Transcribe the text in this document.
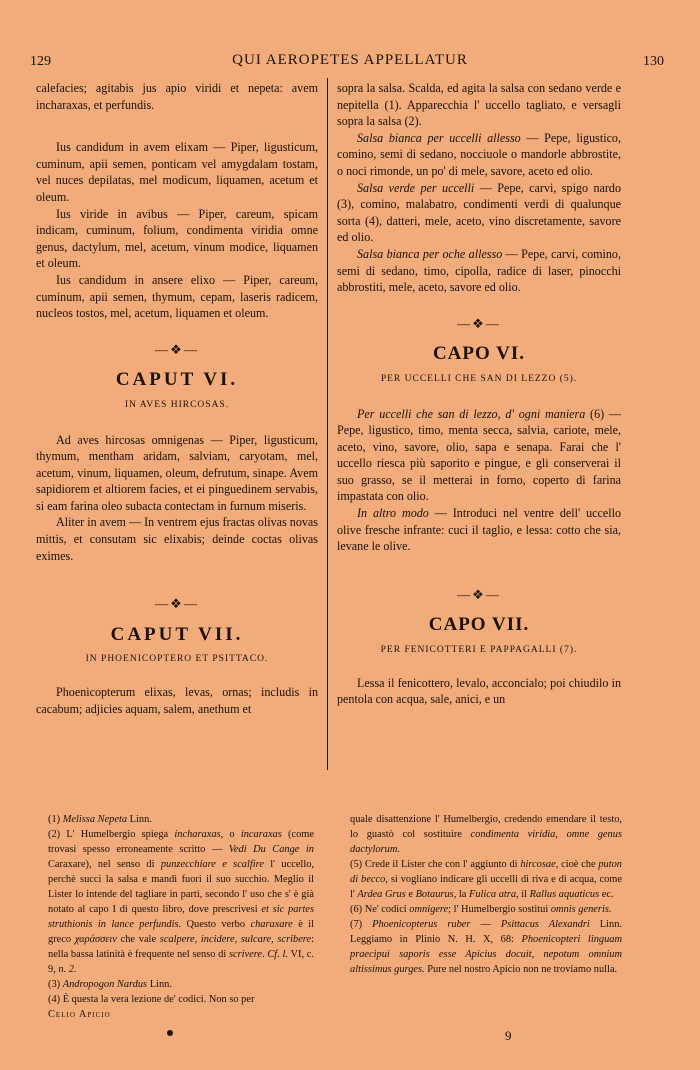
129	QUI AEROPETES APPELLATUR	130

calefacies; agitabis jus apio viridi et nepeta: avem incharaxas, et perfundis.

Ius candidum in avem elixam — Piper, ligusticum, cuminum, apii semen, ponticam vel amygdalam tostam, vel nuces depilatas, mel modicum, liquamen, acetum et oleum.

Ius viride in avibus — Piper, careum, spicam indicam, cuminum, folium, condimenta viridia omne genus, dactylum, mel, acetum, vinum modice, liquamen et oleum.

Ius candidum in ansere elixo — Piper, careum, cuminum, apii semen, thymum, cepam, laseris radicem, nucleos tostos, mel, acetum, liquamen et oleum.

—❖—
CAPUT VI.
IN AVES HIRCOSAS.

Ad aves hircosas omnigenas — Piper, ligusticum, thymum, mentham aridam, salviam, caryotam, mel, acetum, vinum, liquamen, oleum, defrutum, sinape. Avem sapidiorem et altiorem facies, et ei pinguedinem servabis, si eam farina oleo subacta contectam in furnum miseris.

Aliter in avem — In ventrem ejus fractas olivas novas mittis, et consutam sic elixabis; deinde coctas olivas eximes.

—❖—
CAPUT VII.
IN PHOENICOPTERO ET PSITTACO.

Phoenicopterum elixas, levas, ornas; includis in cacabum; adjicies aquam, salem, anethum et

sopra la salsa. Scalda, ed agita la salsa con sedano verde e nepitella (1). Apparecchia l' uccello tagliato, e versagli sopra la salsa (2).

Salsa bianca per uccelli allesso — Pepe, ligustico, comino, semi di sedano, nocciuole o mandorle abbrostite, o noci rimonde, un po' di mele, savore, aceto ed olio.

Salsa verde per uccelli — Pepe, carvi, spigo nardo (3), comino, malabatro, condimenti verdi di qualunque sorta (4), datteri, mele, aceto, vino discretamente, savore ed olio.

Salsa bianca per oche allesso — Pepe, carvi, comino, semi di sedano, timo, cipolla, radice di laser, pinocchi abbrostiti, mele, aceto, savore ed olio.

—❖—
CAPO VI.
PER UCCELLI CHE SAN DI LEZZO (5).

Per uccelli che san di lezzo, d' ogni maniera (6) — Pepe, ligustico, timo, menta secca, salvia, cariote, mele, aceto, vino, savore, olio, sapa e senapa. Farai che l' uccello riesca più saporito e pingue, e gli conserverai il suo grasso, se il metterai in forno, coperto di farina impastata con olio.

In altro modo — Introduci nel ventre dell' uccello olive fresche infrante: cuci il taglio, e lessa: cotto che sia, levane le olive.

—❖—
CAPO VII.
PER FENICOTTERI E PAPPAGALLI (7).

Lessa il fenicottero, levalo, acconcialo; poi chiudilo in pentola con acqua, sale, anici, e un

(1) Melissa Nepeta Linn.

(2) L' Humelbergio spiega incharaxas, o incaraxas (come trovasi spesso erroneamente scritto — Vedi Du Cange in Caraxare), nel senso di punzecchiare e scalfire l' uccello, perchè succi la salsa e mandi fuori il suo succhio. Meglio il Lister lo intende del tagliare in parti, secondo l' uso che s' è già notato al capo I di questo libro, dove prescrivesi et sic partes struthionis in lance perfundis. Questo verbo charaxare è il greco χαράσσειν che vale scalpere, incidere, sulcare, scribere: nella bassa latinità è frequente nel senso di scrivere. Cf. l. VI, c. 9, n. 2.

(3) Andropogon Nardus Linn.

(4) È questa la vera lezione de' codici. Non so per

Celio Apicio

quale disattenzione l' Humelbergio, credendo emendare il testo, lo guastò col sostituire condimenta viridia, omne genus dactylorum.

(5) Crede il Lister che con l' aggiunto di hircosae, cioè che puton di becco, si vogliano indicare gli uccelli di riva e di acqua, come l' Ardea Grus e Botaurus, la Fulica atra, il Rallus aquaticus ec.

(6) Ne' codici omnigere; l' Humelbergio sostituì omnis generis.

(7) Phoenicopterus ruber — Psittacus Alexandri Linn. Leggiamo in Plinio N. H. X, 68: Phoenicopteri linguam praecipui saporis esse Apicius docuit, nepotum omnium altissimus gurges. Pure nel nostro Apicio non ne troviamo nulla.

9
